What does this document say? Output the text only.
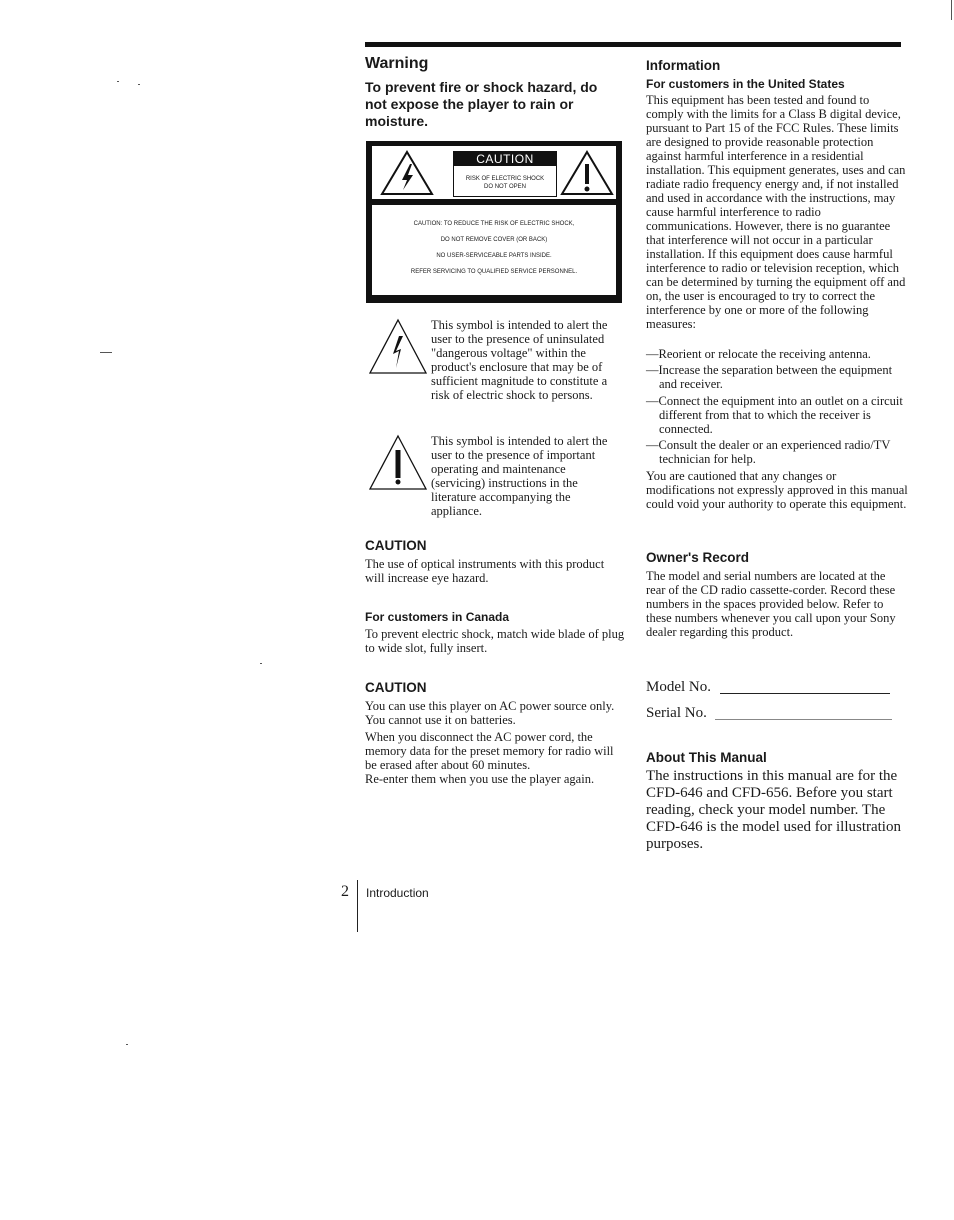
Warning
To prevent fire or shock hazard, do not expose the player to rain or moisture.
CAUTION
RISK OF ELECTRIC SHOCK
DO NOT OPEN
CAUTION: TO REDUCE THE RISK OF ELECTRIC SHOCK,
DO NOT REMOVE COVER (OR BACK)
NO USER-SERVICEABLE PARTS INSIDE.
REFER SERVICING TO QUALIFIED SERVICE PERSONNEL.
This symbol is intended to alert the user to the presence of uninsulated "dangerous voltage" within the product's enclosure that may be of sufficient magnitude to constitute a risk of electric shock to persons.
This symbol is intended to alert the user to the presence of important operating and maintenance (servicing) instructions in the literature accompanying the appliance.
CAUTION
The use of optical instruments with this product will increase eye hazard.
For customers in Canada
To prevent electric shock, match wide blade of plug to wide slot, fully insert.
CAUTION
You can use this player on AC power source only. You cannot use it on batteries.
When you disconnect the AC power cord, the memory data for the preset memory for radio will be erased after about 60 minutes.
Re-enter them when you use the player again.
Information
For customers in the United States
This equipment has been tested and found to comply with the limits for a Class B digital device, pursuant to Part 15 of the FCC Rules. These limits are designed to provide reasonable protection against harmful interference in a residential installation. This equipment generates, uses and can radiate radio frequency energy and, if not installed and used in accordance with the instructions, may cause harmful interference to radio communications. However, there is no guarantee that interference will not occur in a particular installation. If this equipment does cause harmful interference to radio or television reception, which can be determined by turning the equipment off and on, the user is encouraged to try to correct the interference by one or more of the following measures:
—Reorient or relocate the receiving antenna.
—Increase the separation between the equipment and receiver.
—Connect the equipment into an outlet on a circuit different from that to which the receiver is connected.
—Consult the dealer or an experienced radio/TV technician for help.
You are cautioned that any changes or modifications not expressly approved in this manual could void your authority to operate this equipment.
Owner's Record
The model and serial numbers are located at the rear of the CD radio cassette-corder. Record these numbers in the spaces provided below. Refer to these numbers whenever you call upon your Sony dealer regarding this product.
Model No.
Serial No.
About This Manual
The instructions in this manual are for the CFD-646 and CFD-656. Before you start reading, check your model number. The CFD-646 is the model used for illustration purposes.
2 Introduction
